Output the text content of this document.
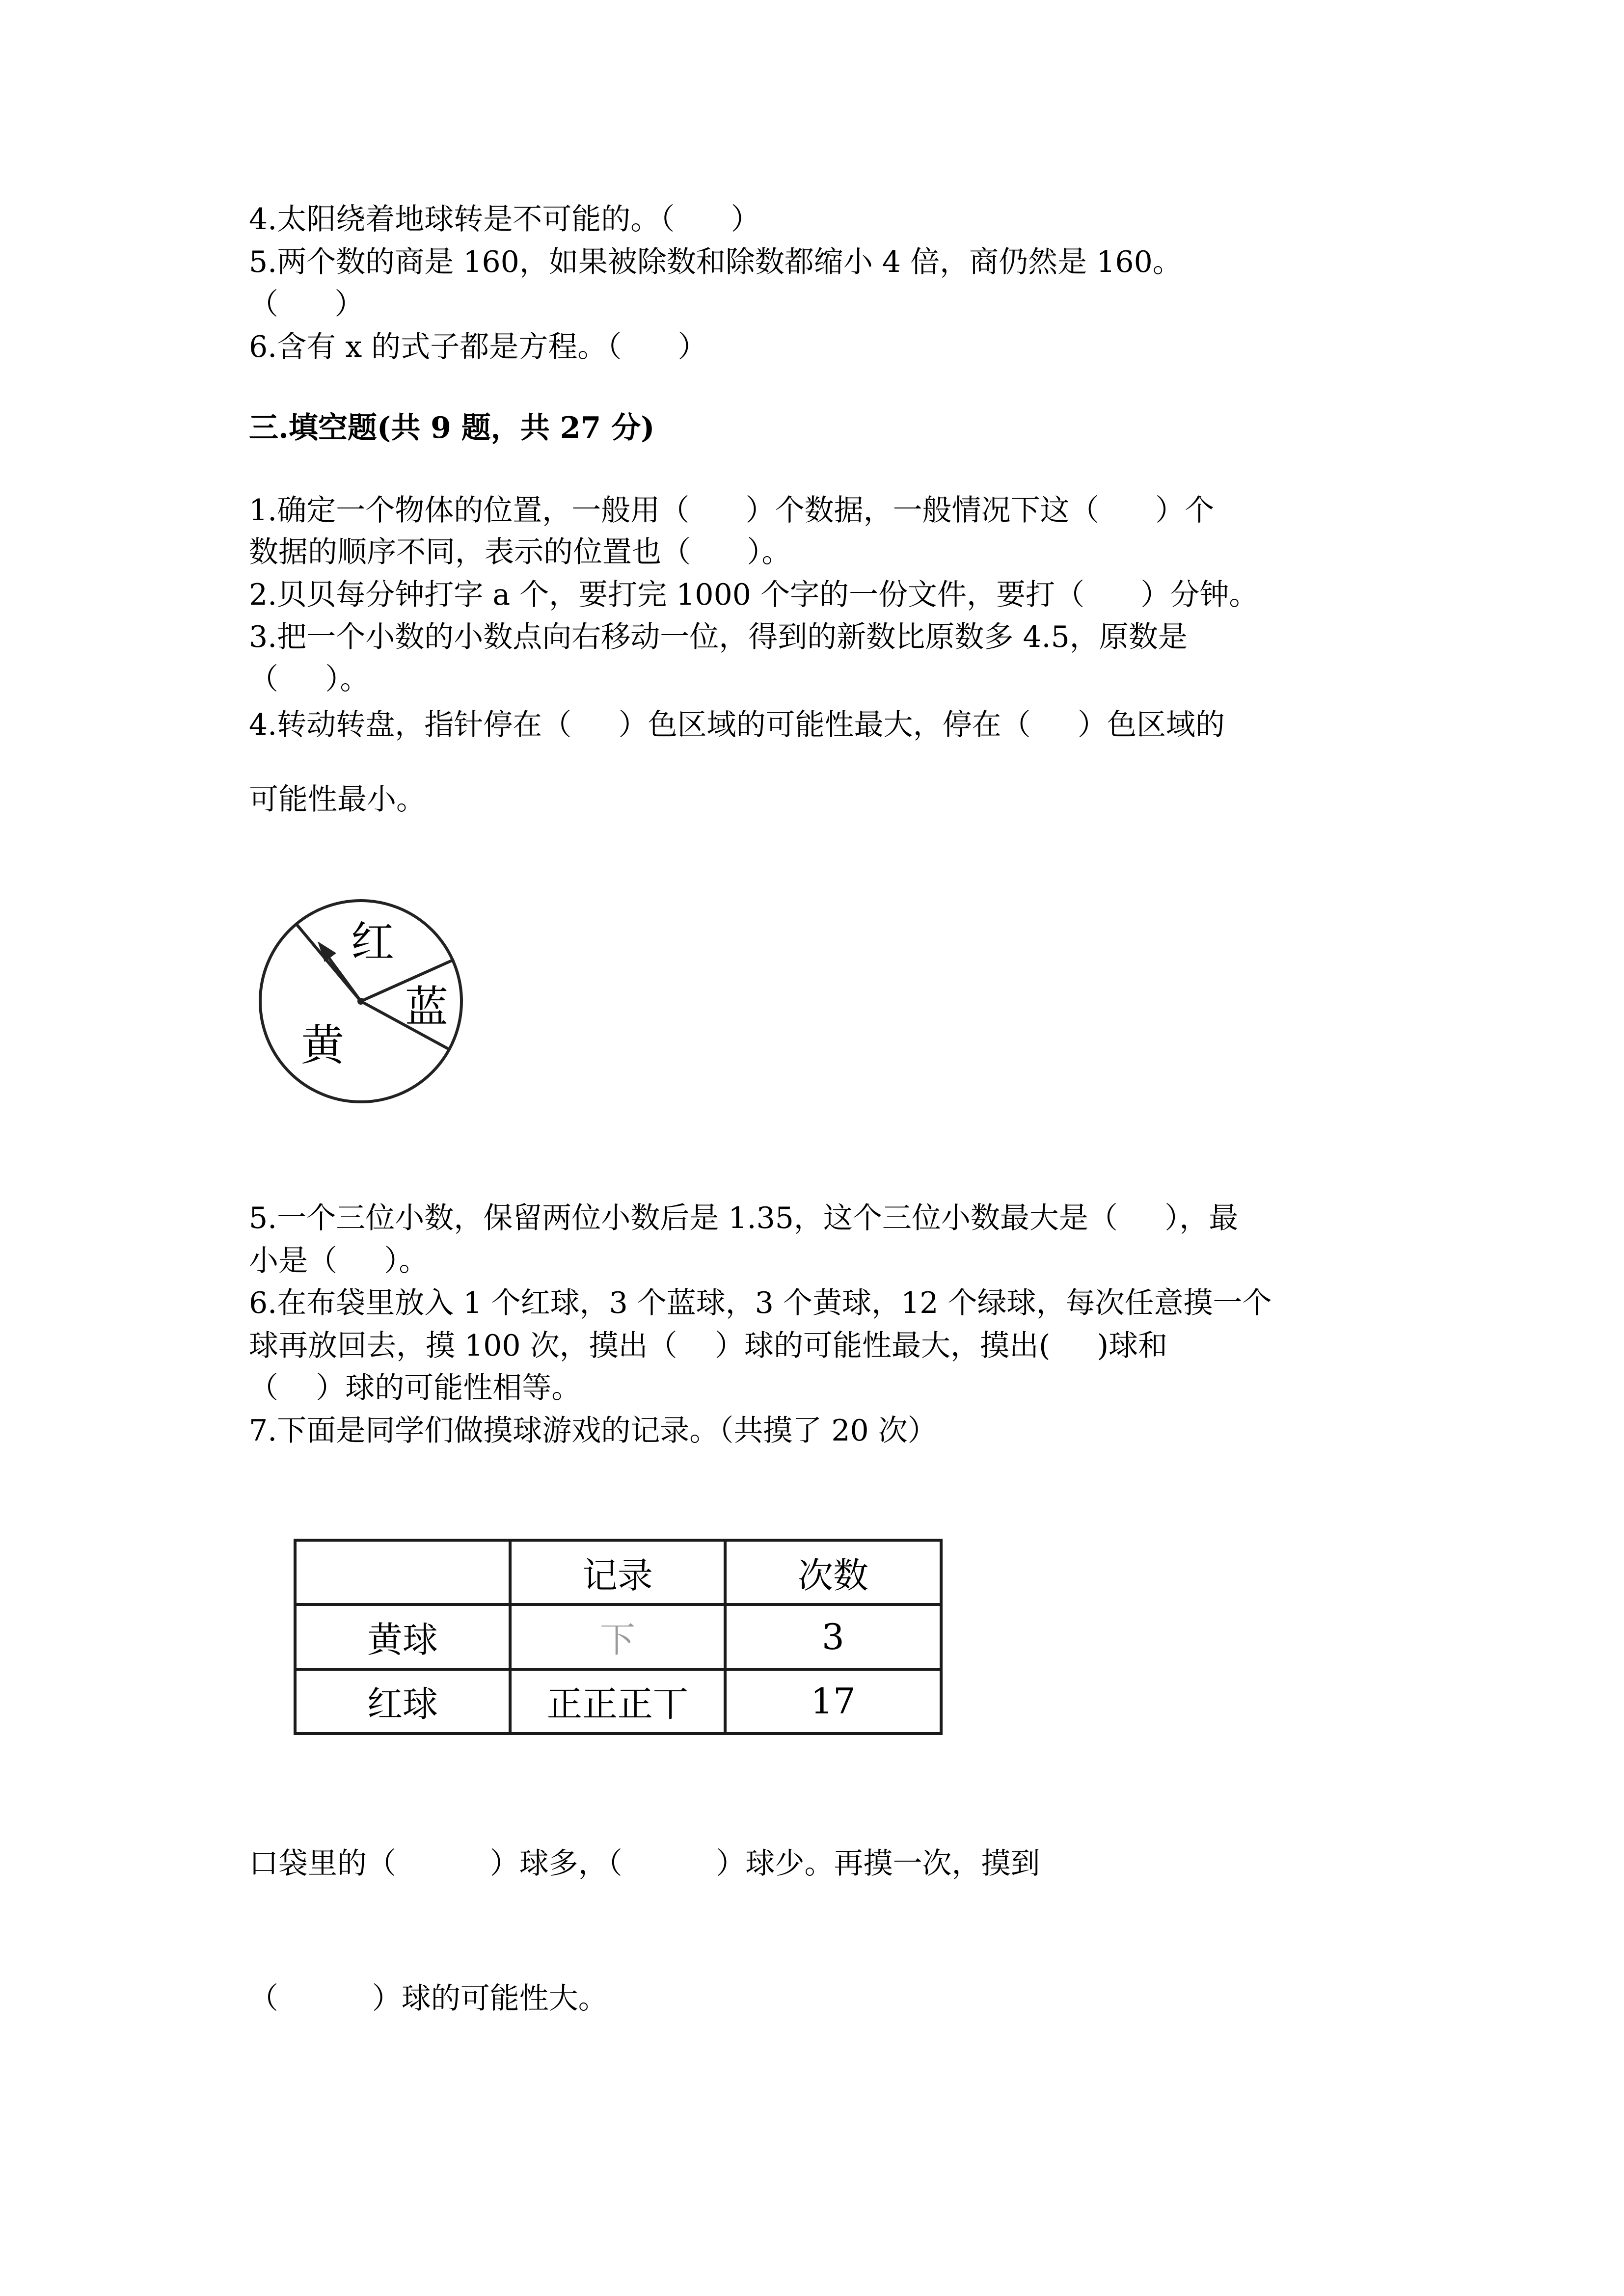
4.太阳绕着地球转是不可能的。（      ）

5.两个数的商是 160，如果被除数和除数都缩小 4 倍，商仍然是 160。

（      ）

6.含有 x 的式子都是方程。（      ）

三.填空题(共 9 题，共 27 分)

1.确定一个物体的位置，一般用（      ）个数据，一般情况下这（      ）个

数据的顺序不同，表示的位置也（      ）。

2.贝贝每分钟打字 a 个，要打完 1000 个字的一份文件，要打（      ）分钟。

3.把一个小数的小数点向右移动一位，得到的新数比原数多 4.5，原数是

（     ）。

4.转动转盘，指针停在（     ）色区域的可能性最大，停在（     ）色区域的

可能性最小。

红
蓝
黄

5.一个三位小数，保留两位小数后是 1.35，这个三位小数最大是（     ），最

小是（     ）。

6.在布袋里放入 1 个红球，3 个蓝球，3 个黄球，12 个绿球，每次任意摸一个

球再放回去，摸 100 次，摸出（    ）球的可能性最大，摸出(     )球和

（    ）球的可能性相等。

7.下面是同学们做摸球游戏的记录。（共摸了 20 次）

	记录	次数
黄球	下	3
红球	正正正丅	17

口袋里的（          ）球多，（          ）球少。再摸一次，摸到

（          ）球的可能性大。
